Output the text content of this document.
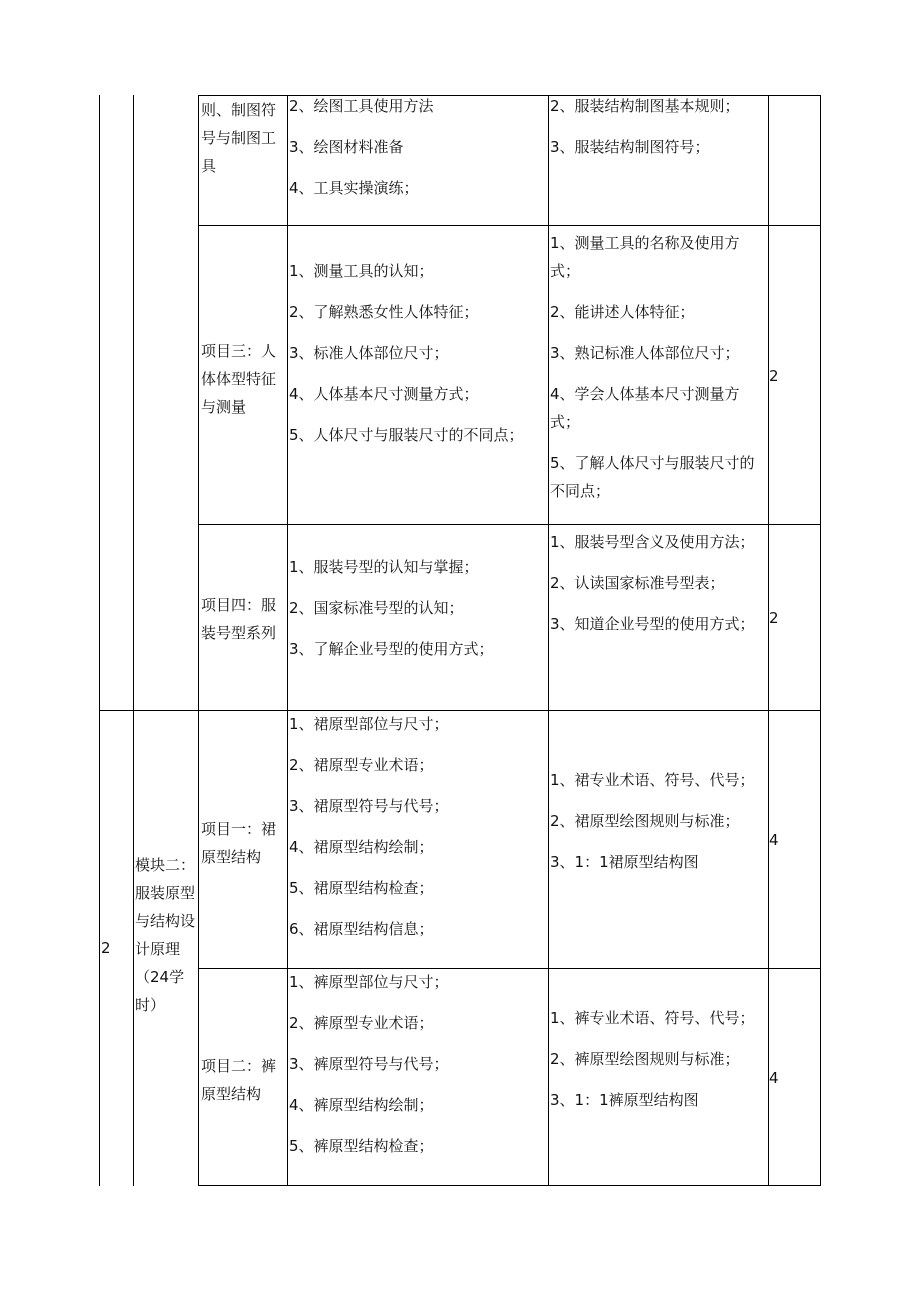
则、制图符号与制图工具

2、绘图工具使用方法

3、绘图材料准备

4、工具实操演练；

2、服装结构制图基本规则；

3、服装结构制图符号；

项目三：人体体型特征与测量

1、测量工具的认知；

2、了解熟悉女性人体特征；

3、标准人体部位尺寸；

4、人体基本尺寸测量方式；

5、人体尺寸与服装尺寸的不同点；

1、测量工具的名称及使用方式；

2、能讲述人体特征；

3、熟记标准人体部位尺寸；

4、学会人体基本尺寸测量方式；

5、了解人体尺寸与服装尺寸的不同点；

2

项目四：服装号型系列

1、服装号型的认知与掌握；

2、国家标准号型的认知；

3、了解企业号型的使用方式；

1、服装号型含义及使用方法；

2、认读国家标准号型表；

3、知道企业号型的使用方式； 2
2

模块二：服装原型与结构设计原理（24学时）

项目一：裙原型结构

1、裙原型部位与尺寸；

2、裙原型专业术语；

3、裙原型符号与代号；

4、裙原型结构绘制；

5、裙原型结构检查；

6、裙原型结构信息；

1、裙专业术语、符号、代号；

2、裙原型绘图规则与标准；

3、1：1裙原型结构图

4

项目二：裤原型结构

1、裤原型部位与尺寸；

2、裤原型专业术语；

3、裤原型符号与代号；

4、裤原型结构绘制；

5、裤原型结构检查；

1、裤专业术语、符号、代号；

2、裤原型绘图规则与标准；

3、1：1裤原型结构图

4
